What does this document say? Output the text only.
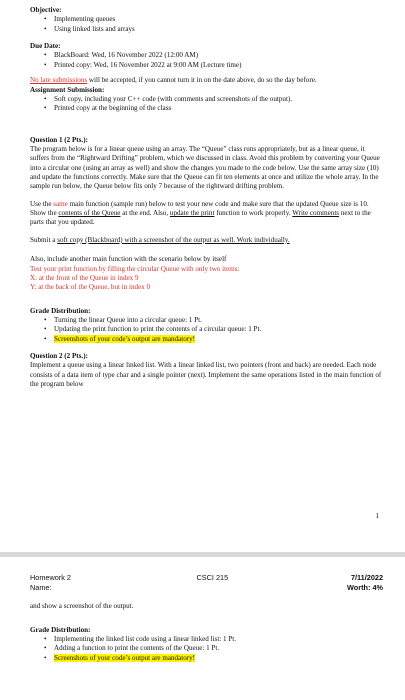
Objective:

• Implementing queues
• Using linked lists and arrays

Due Date:

• BlackBoard: Wed, 16 November 2022 (12:00 AM)
• Printed copy: Wed, 16 November 2022 at 9:00 AM (Lecture time)

No late submissions will be accepted, if you cannot turn it in on the date above, do so the day before.

Assignment Submission:

• Soft copy, including your C++ code (with comments and screenshots of the output).
• Printed copy at the beginning of the class

Question 1 (2 Pts.):

The program below is for a linear queue using an array. The “Queue” class runs appropriately, but as a linear queue, it suffers from the “Rightward Drifting” problem, which we discussed in class. Avoid this problem by converting your Queue into a circular one (using an array as well) and show the changes you made to the code below. Use the same array size (10) and update the functions correctly. Make sure that the Queue can fit ten elements at once and utilize the whole array. In the sample run below, the Queue below fits only 7 because of the rightward drifting problem.

Use the same main function (sample run) below to test your new code and make sure that the updated Queue size is 10. Show the contents of the Queue at the end. Also, update the print function to work properly. Write comments next to the parts that you updated.

Submit a soft copy (Blackboard) with a screenshot of the output as well. Work individually.

Also, include another main function with the scenario below by itself

Test your print function by filling the circular Queue with only two items:

X: at the front of the Queue in index 9

Y: at the back of the Queue, but in index 0

Grade Distribution:

• Turning the linear Queue into a circular queue: 1 Pt.
• Updating the print function to print the contents of a circular queue: 1 Pt.
• Screenshots of your code’s output are mandatory!

Question 2 (2 Pts.):

Implement a queue using a linear linked list. With a linear linked list, two pointers (front and back) are needed. Each node consists of a data item of type char and a single pointer (next). Implement the same operations listed in the main function of the program below

1
Homework 2
Name:
CSCI 215	7/11/2022
Worth: 4%

and show a screenshot of the output.

Grade Distribution:

• Implementing the linked list code using a linear linked list: 1 Pt.
• Adding a function to print the contents of the Queue: 1 Pt.
• Screenshots of your code’s output are mandatory!
